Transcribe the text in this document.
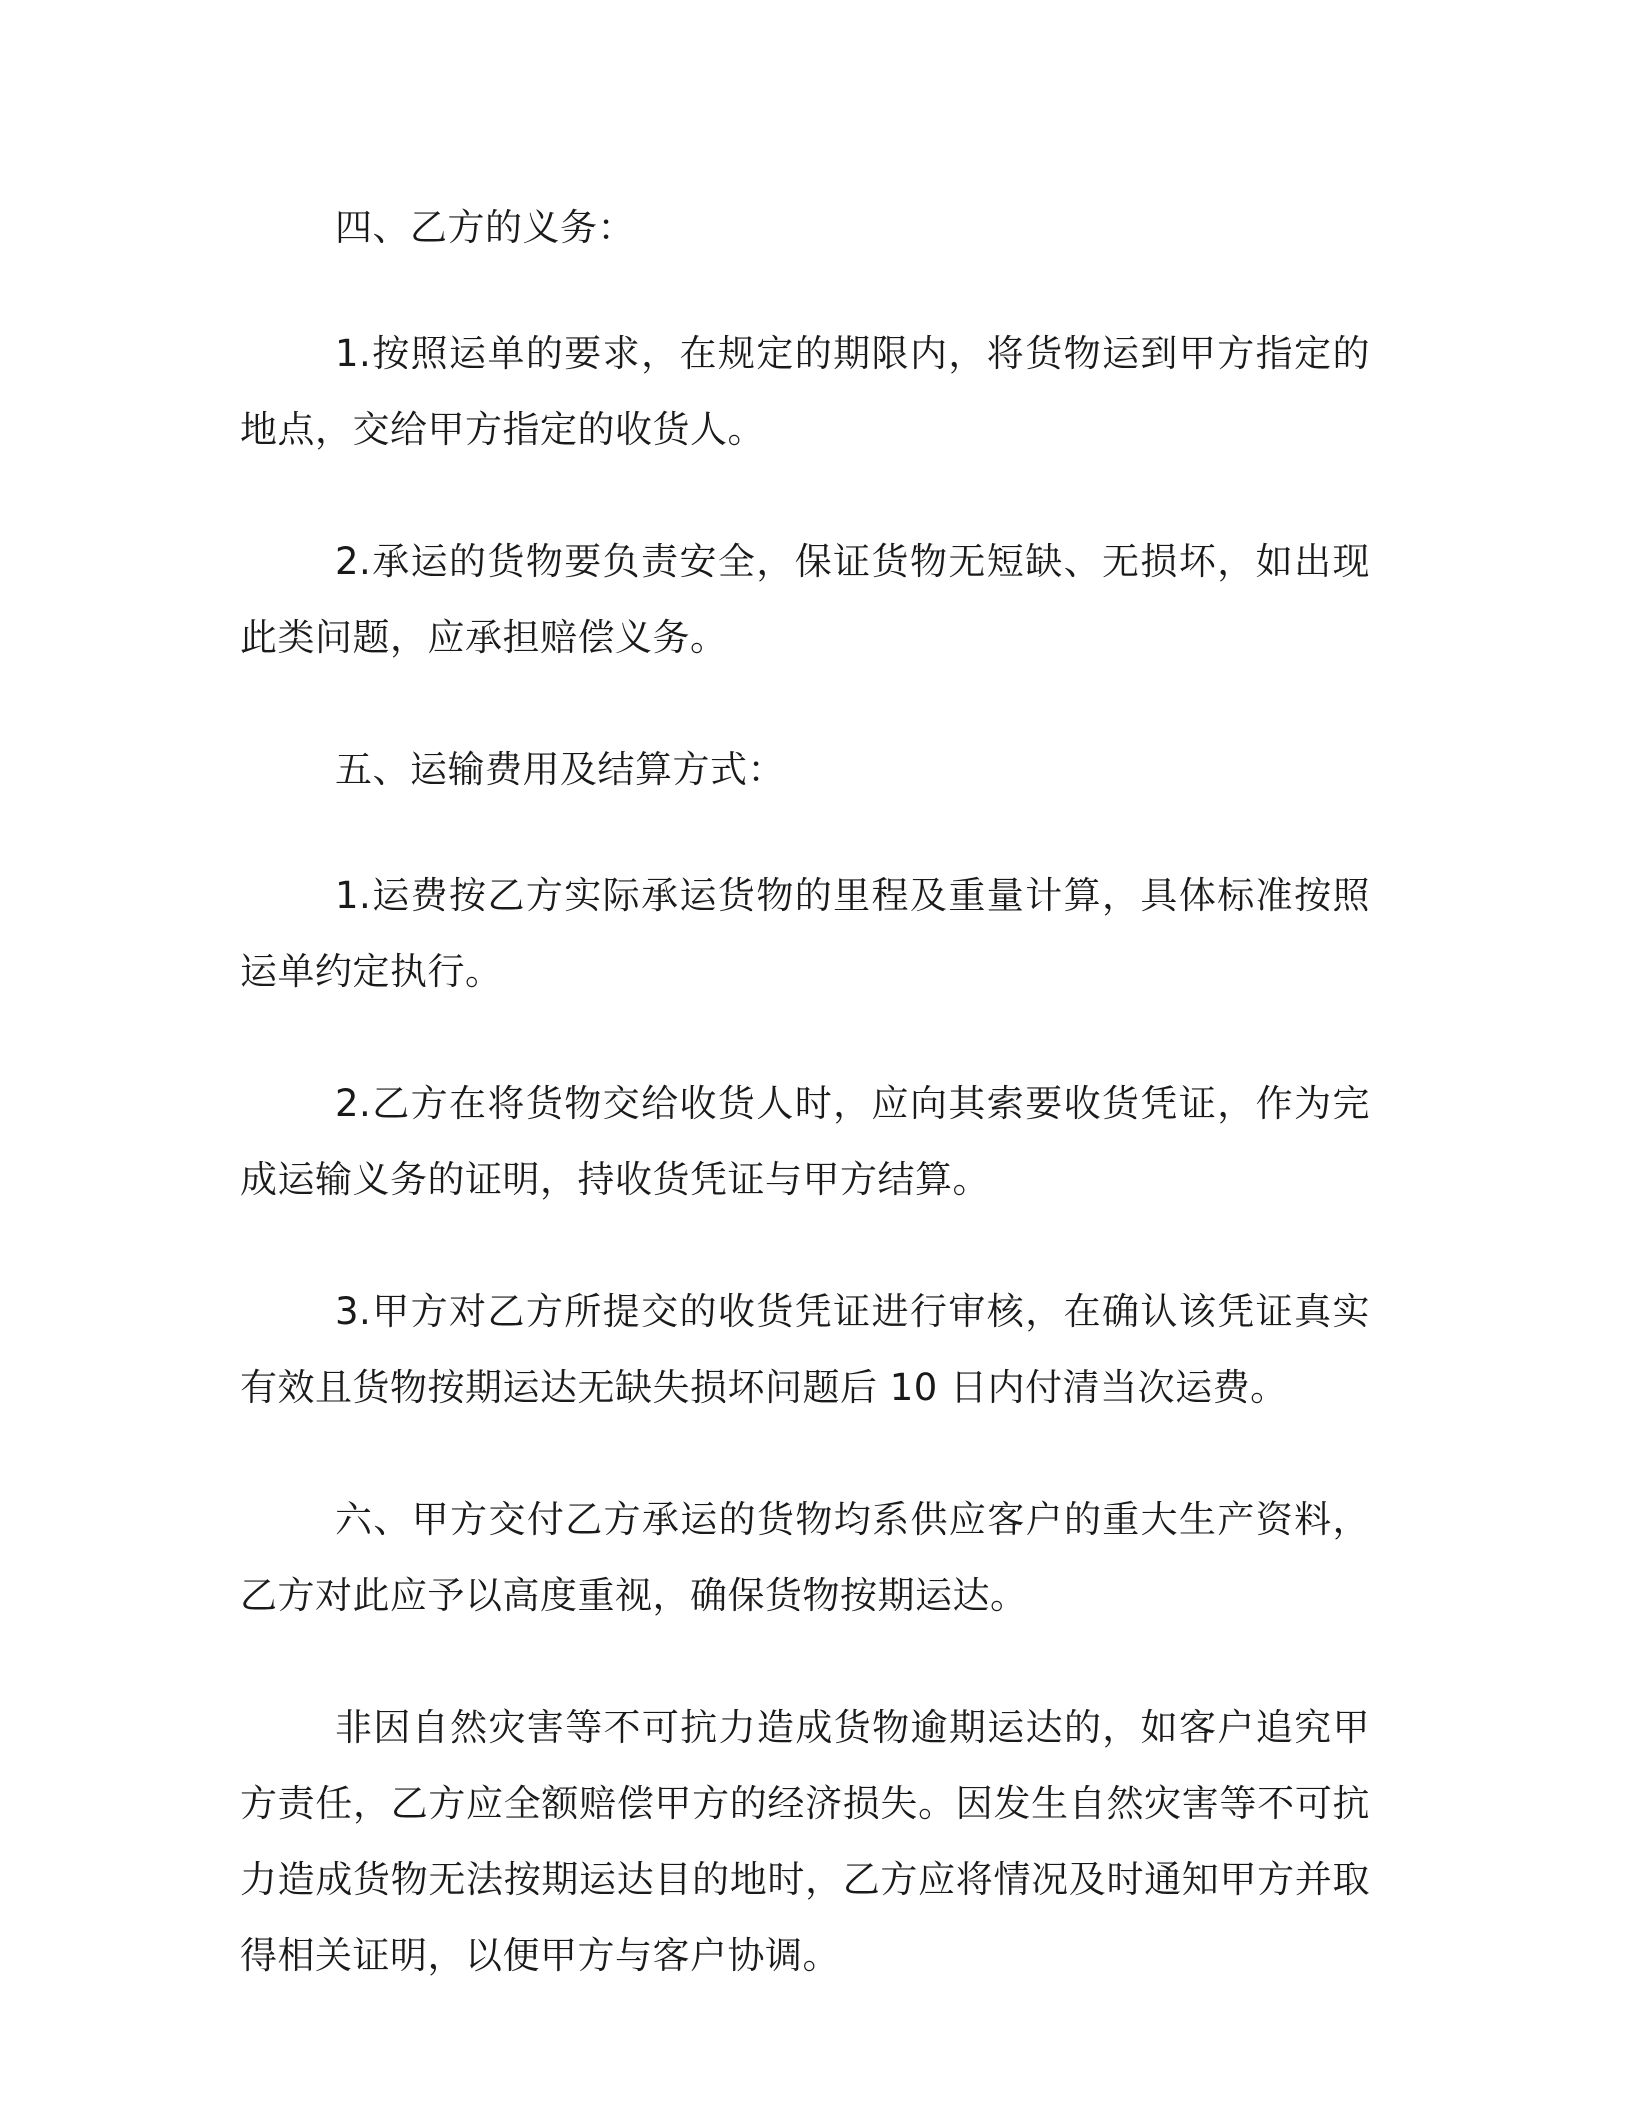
四、乙方的义务：

1.按照运单的要求，在规定的期限内，将货物运到甲方指定的地点，交给甲方指定的收货人。

2.承运的货物要负责安全，保证货物无短缺、无损坏，如出现此类问题，应承担赔偿义务。

五、运输费用及结算方式：

1.运费按乙方实际承运货物的里程及重量计算，具体标准按照运单约定执行。

2.乙方在将货物交给收货人时，应向其索要收货凭证，作为完成运输义务的证明，持收货凭证与甲方结算。

3.甲方对乙方所提交的收货凭证进行审核，在确认该凭证真实有效且货物按期运达无缺失损坏问题后 10 日内付清当次运费。

六、甲方交付乙方承运的货物均系供应客户的重大生产资料，乙方对此应予以高度重视，确保货物按期运达。

非因自然灾害等不可抗力造成货物逾期运达的，如客户追究甲方责任，乙方应全额赔偿甲方的经济损失。因发生自然灾害等不可抗力造成货物无法按期运达目的地时，乙方应将情况及时通知甲方并取得相关证明，以便甲方与客户协调。
